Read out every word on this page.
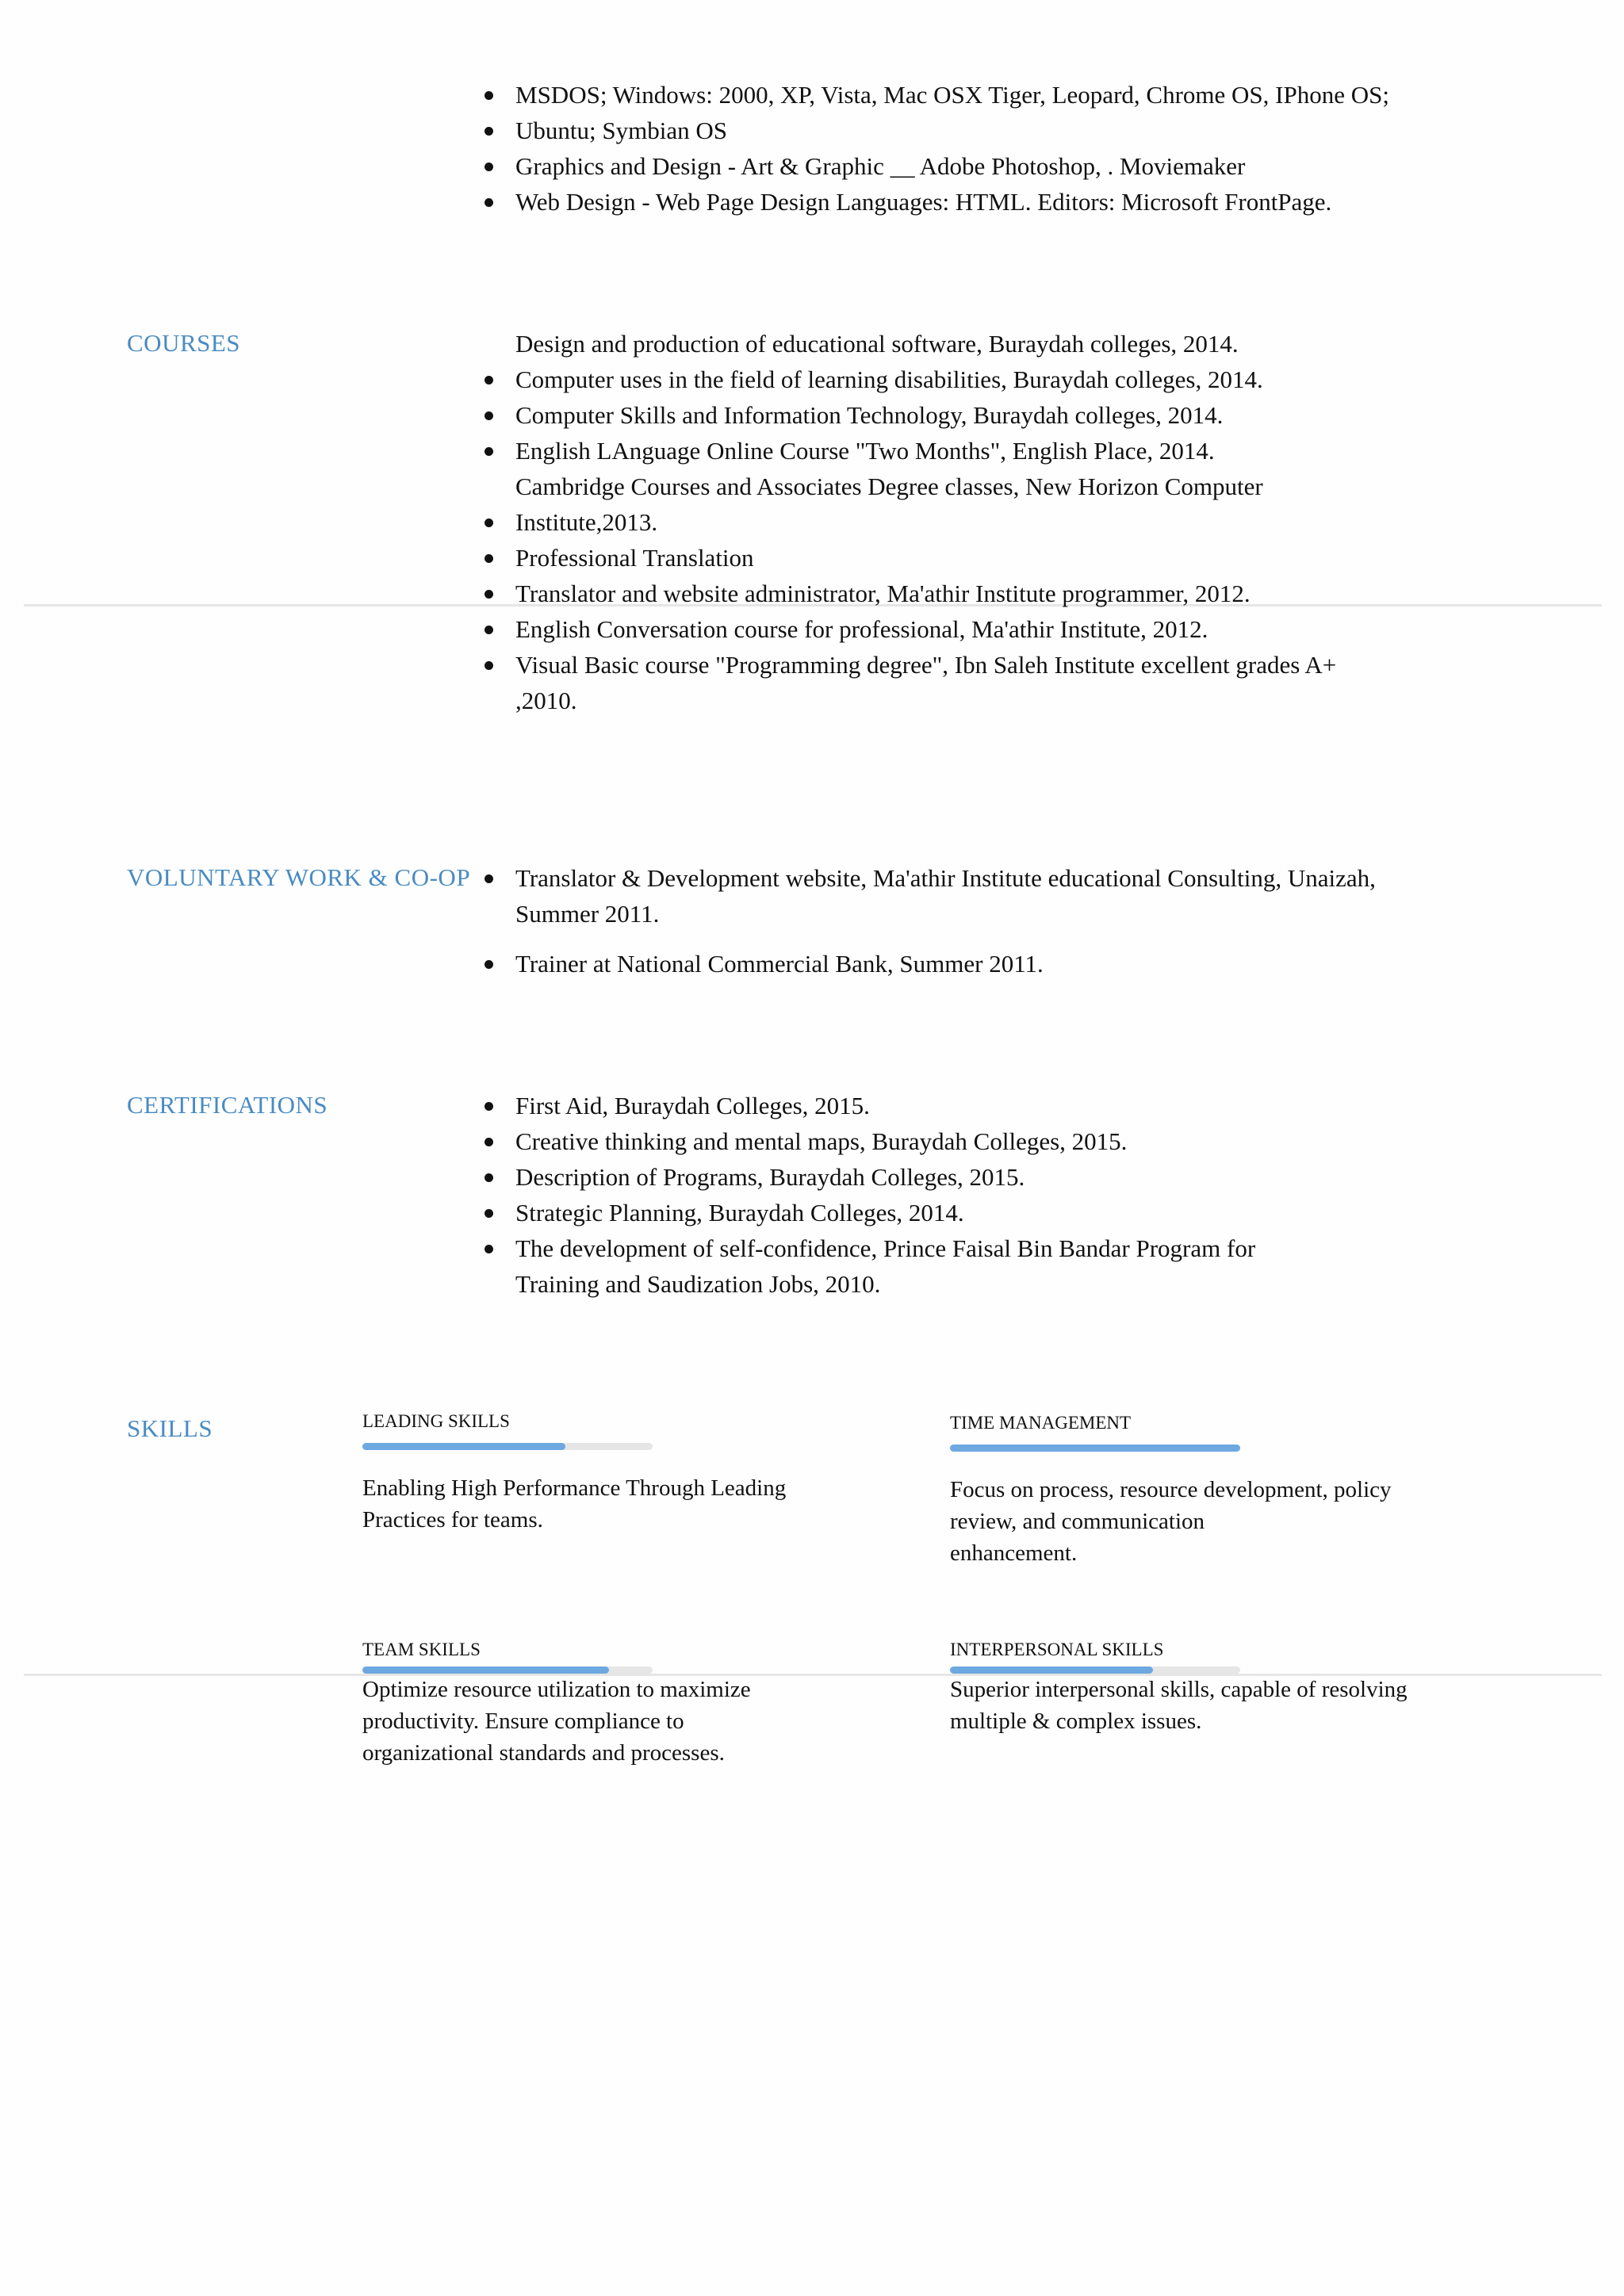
MSDOS; Windows: 2000, XP, Vista, Mac OSX Tiger, Leopard, Chrome OS, IPhone OS;
Ubuntu; Symbian OS
Graphics and Design - Art & Graphic __ Adobe Photoshop, . Moviemaker
Web Design - Web Page Design Languages: HTML. Editors: Microsoft FrontPage.
COURSES	Design and production of educational software, Buraydah colleges, 2014.
Computer uses in the field of learning disabilities, Buraydah colleges, 2014.
Computer Skills and Information Technology, Buraydah colleges, 2014.
English LAnguage Online Course "Two Months", English Place, 2014.
Cambridge Courses and Associates Degree classes, New Horizon Computer
Institute,2013.
Professional Translation
Translator and website administrator, Ma'athir Institute programmer, 2012.
English Conversation course for professional, Ma'athir Institute, 2012.
Visual Basic course "Programming degree", Ibn Saleh Institute excellent grades A+
,2010.
VOLUNTARY WORK & CO-OP	Translator & Development website, Ma'athir Institute educational Consulting, Unaizah,
Summer 2011.
Trainer at National Commercial Bank, Summer 2011.
CERTIFICATIONS	First Aid, Buraydah Colleges, 2015.
Creative thinking and mental maps, Buraydah Colleges, 2015.
Description of Programs, Buraydah Colleges, 2015.
Strategic Planning, Buraydah Colleges, 2014.
The development of self-confidence, Prince Faisal Bin Bandar Program for
Training and Saudization Jobs, 2010.
SKILLS	LEADING SKILLS
Enabling High Performance Through Leading
Practices for teams.
TIME MANAGEMENT
Focus on process, resource development, policy
review, and communication
enhancement.
TEAM SKILLS
Optimize resource utilization to maximize
productivity. Ensure compliance to
organizational standards and processes.
INTERPERSONAL SKILLS
Superior interpersonal skills, capable of resolving
multiple & complex issues.
